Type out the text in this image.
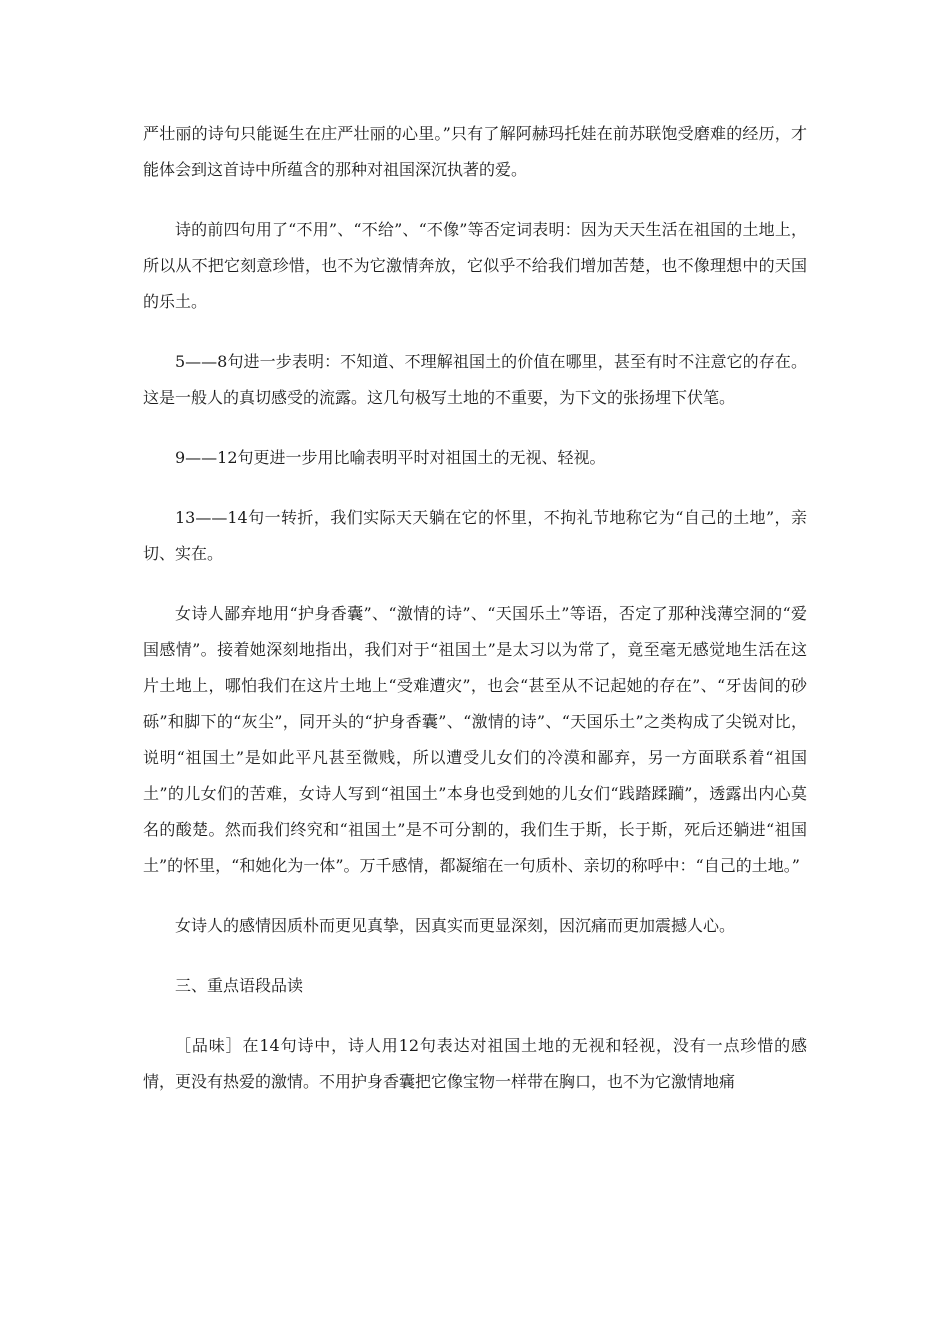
严壮丽的诗句只能诞生在庄严壮丽的心里。”只有了解阿赫玛托娃在前苏联饱受磨难的经历，才能体会到这首诗中所蕴含的那种对祖国深沉执著的爱。

诗的前四句用了“不用”、“不给”、“不像”等否定词表明：因为天天生活在祖国的土地上，所以从不把它刻意珍惜，也不为它激情奔放，它似乎不给我们增加苦楚，也不像理想中的天国的乐土。

5——8句进一步表明：不知道、不理解祖国土的价值在哪里，甚至有时不注意它的存在。这是一般人的真切感受的流露。这几句极写土地的不重要，为下文的张扬埋下伏笔。

9——12句更进一步用比喻表明平时对祖国土的无视、轻视。

13——14句一转折，我们实际天天躺在它的怀里，不拘礼节地称它为“自己的土地”，亲切、实在。

女诗人鄙弃地用“护身香囊”、“激情的诗”、“天国乐土”等语，否定了那种浅薄空洞的“爱国感情”。接着她深刻地指出，我们对于“祖国土”是太习以为常了，竟至毫无感觉地生活在这片土地上，哪怕我们在这片土地上“受难遭灾”，也会“甚至从不记起她的存在”、“牙齿间的砂砾”和脚下的“灰尘”，同开头的“护身香囊”、“激情的诗”、“天国乐土”之类构成了尖锐对比，说明“祖国土”是如此平凡甚至微贱，所以遭受儿女们的冷漠和鄙弃，另一方面联系着“祖国土”的儿女们的苦难，女诗人写到“祖国土”本身也受到她的儿女们“践踏蹂躏”，透露出内心莫名的酸楚。然而我们终究和“祖国土”是不可分割的，我们生于斯，长于斯，死后还躺进“祖国土”的怀里，“和她化为一体”。万千感情，都凝缩在一句质朴、亲切的称呼中：“自己的土地。”

女诗人的感情因质朴而更见真挚，因真实而更显深刻，因沉痛而更加震撼人心。

三、重点语段品读

［品味］在14句诗中，诗人用12句表达对祖国土地的无视和轻视，没有一点珍惜的感情，更没有热爱的激情。不用护身香囊把它像宝物一样带在胸口，也不为它激情地痛
